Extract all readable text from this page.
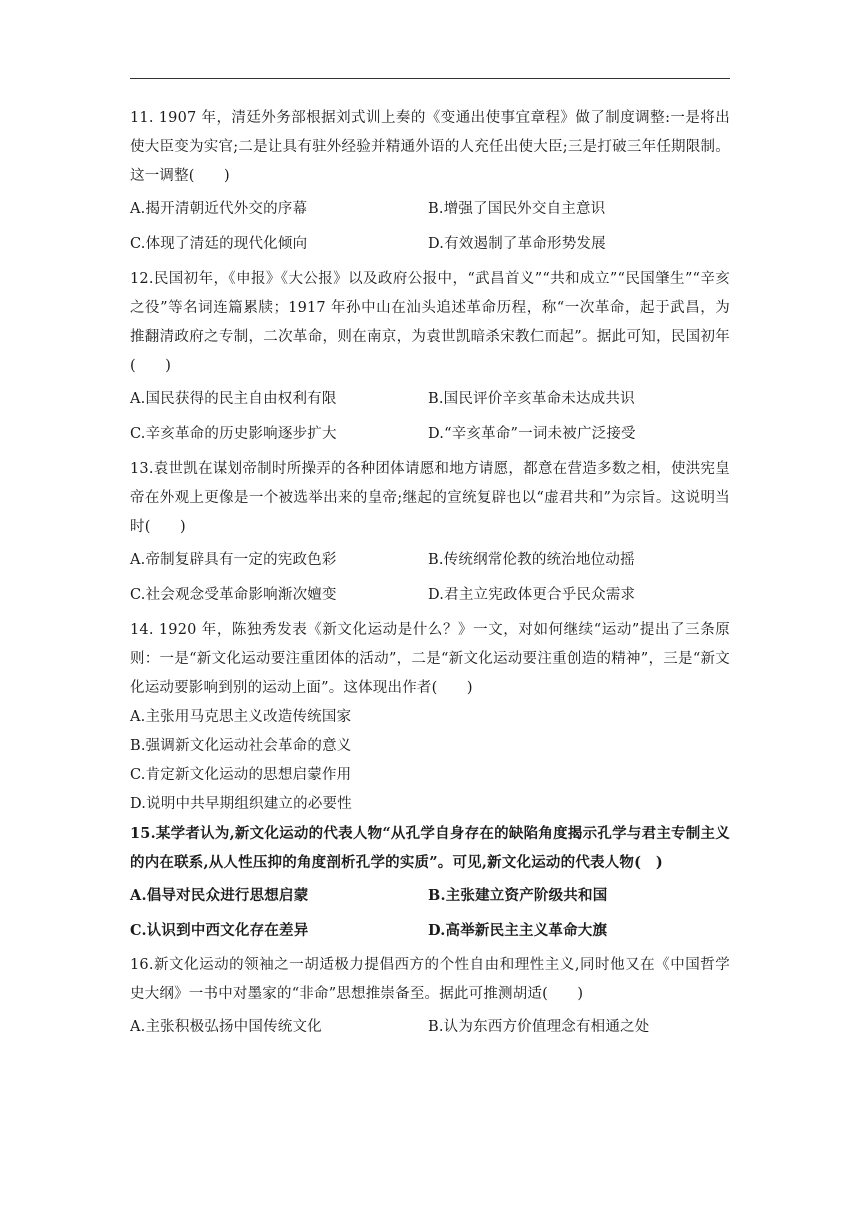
11. 1907 年，清廷外务部根据刘式训上奏的《变通出使事宜章程》做了制度调整:一是将出使大臣变为实官;二是让具有驻外经验并精通外语的人充任出使大臣;三是打破三年任期限制。这一调整(　　)

A.揭开清朝近代外交的序幕	B.增强了国民外交自主意识
C.体现了清廷的现代化倾向	D.有效遏制了革命形势发展

12.民国初年，《申报》《大公报》以及政府公报中，“武昌首义”“共和成立”“民国肇生”“辛亥之役”等名词连篇累牍；1917 年孙中山在汕头追述革命历程，称“一次革命，起于武昌，为推翻清政府之专制，二次革命，则在南京，为袁世凯暗杀宋教仁而起”。据此可知，民国初年(　　)

A.国民获得的民主自由权利有限	B.国民评价辛亥革命未达成共识
C.辛亥革命的历史影响逐步扩大	D.“辛亥革命”一词未被广泛接受

13.袁世凯在谋划帝制时所操弄的各种团体请愿和地方请愿，都意在营造多数之相，使洪宪皇帝在外观上更像是一个被选举出来的皇帝;继起的宣统复辟也以“虚君共和”为宗旨。这说明当时(　　)

A.帝制复辟具有一定的宪政色彩	B.传统纲常伦教的统治地位动摇
C.社会观念受革命影响渐次嬗变	D.君主立宪政体更合乎民众需求

14. 1920 年，陈独秀发表《新文化运动是什么？》一文，对如何继续“运动”提出了三条原则：一是“新文化运动要注重团体的活动”，二是“新文化运动要注重创造的精神”，三是“新文化运动要影响到别的运动上面”。这体现出作者(　　)

A.主张用马克思主义改造传统国家

B.强调新文化运动社会革命的意义

C.肯定新文化运动的思想启蒙作用

D.说明中共早期组织建立的必要性

15.某学者认为,新文化运动的代表人物“从孔学自身存在的缺陷角度揭示孔学与君主专制主义的内在联系,从人性压抑的角度剖析孔学的实质”。可见,新文化运动的代表人物(　)

A.倡导对民众进行思想启蒙	B.主张建立资产阶级共和国
C.认识到中西文化存在差异	D.高举新民主主义革命大旗

16.新文化运动的领袖之一胡适极力提倡西方的个性自由和理性主义,同时他又在《中国哲学史大纲》一书中对墨家的“非命”思想推崇备至。据此可推测胡适(　　)

A.主张积极弘扬中国传统文化	B.认为东西方价值理念有相通之处
